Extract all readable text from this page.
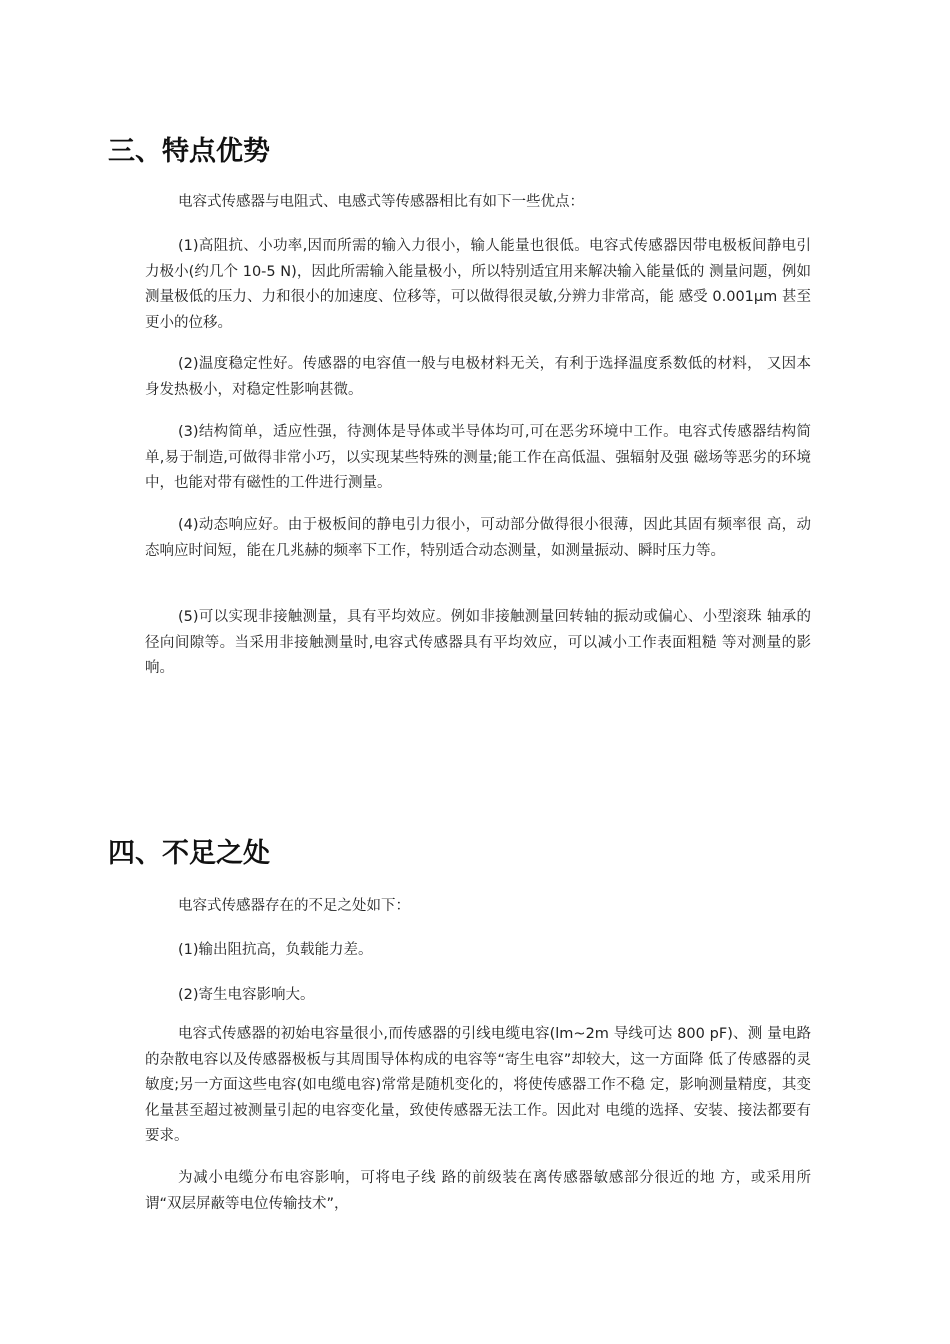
三、特点优势

电容式传感器与电阻式、电感式等传感器相比有如下一些优点：

(1)高阻抗、小功率,因而所需的输入力很小，输人能量也很低。电容式传感器因带电极板间静电引力极小(约几个 10-5 N)，因此所需输入能量极小，所以特别适宜用来解决输入能量低的 测量问题，例如测量极低的压力、力和很小的加速度、位移等，可以做得很灵敏,分辨力非常高，能 感受 0.001μm 甚至更小的位移。

(2)温度稳定性好。传感器的电容值一般与电极材料无关，有利于选择温度系数低的材料， 又因本身发热极小，对稳定性影响甚微。

(3)结构简单，适应性强，待测体是导体或半导体均可,可在恶劣环境中工作。电容式传感器结构简单,易于制造,可做得非常小巧，以实现某些特殊的测量;能工作在高低温、强辐射及强 磁场等恶劣的环境中，也能对带有磁性的工件进行测量。

(4)动态响应好。由于极板间的静电引力很小，可动部分做得很小很薄，因此其固有频率很 高，动态响应时间短，能在几兆赫的频率下工作，特别适合动态测量，如测量振动、瞬时压力等。

(5)可以实现非接触测量，具有平均效应。例如非接触测量回转轴的振动或偏心、小型滚珠 轴承的径向间隙等。当采用非接触测量时,电容式传感器具有平均效应，可以减小工作表面粗糙 等对测量的影响。

四、不足之处

电容式传感器存在的不足之处如下：

(1)输出阻抗高，负载能力差。

(2)寄生电容影响大。

电容式传感器的初始电容量很小,而传感器的引线电缆电容(lm~2m 导线可达 800 pF)、测 量电路的杂散电容以及传感器极板与其周围导体构成的电容等“寄生电容”却较大，这一方面降 低了传感器的灵敏度;另一方面这些电容(如电缆电容)常常是随机变化的，将使传感器工作不稳 定，影响测量精度，其变化量甚至超过被测量引起的电容变化量，致使传感器无法工作。因此对 电缆的选择、安装、接法都要有要求。

为减小电缆分布电容影响，可将电子线 路的前级装在离传感器敏感部分很近的地 方，或采用所谓“双层屏蔽等电位传输技术”，
